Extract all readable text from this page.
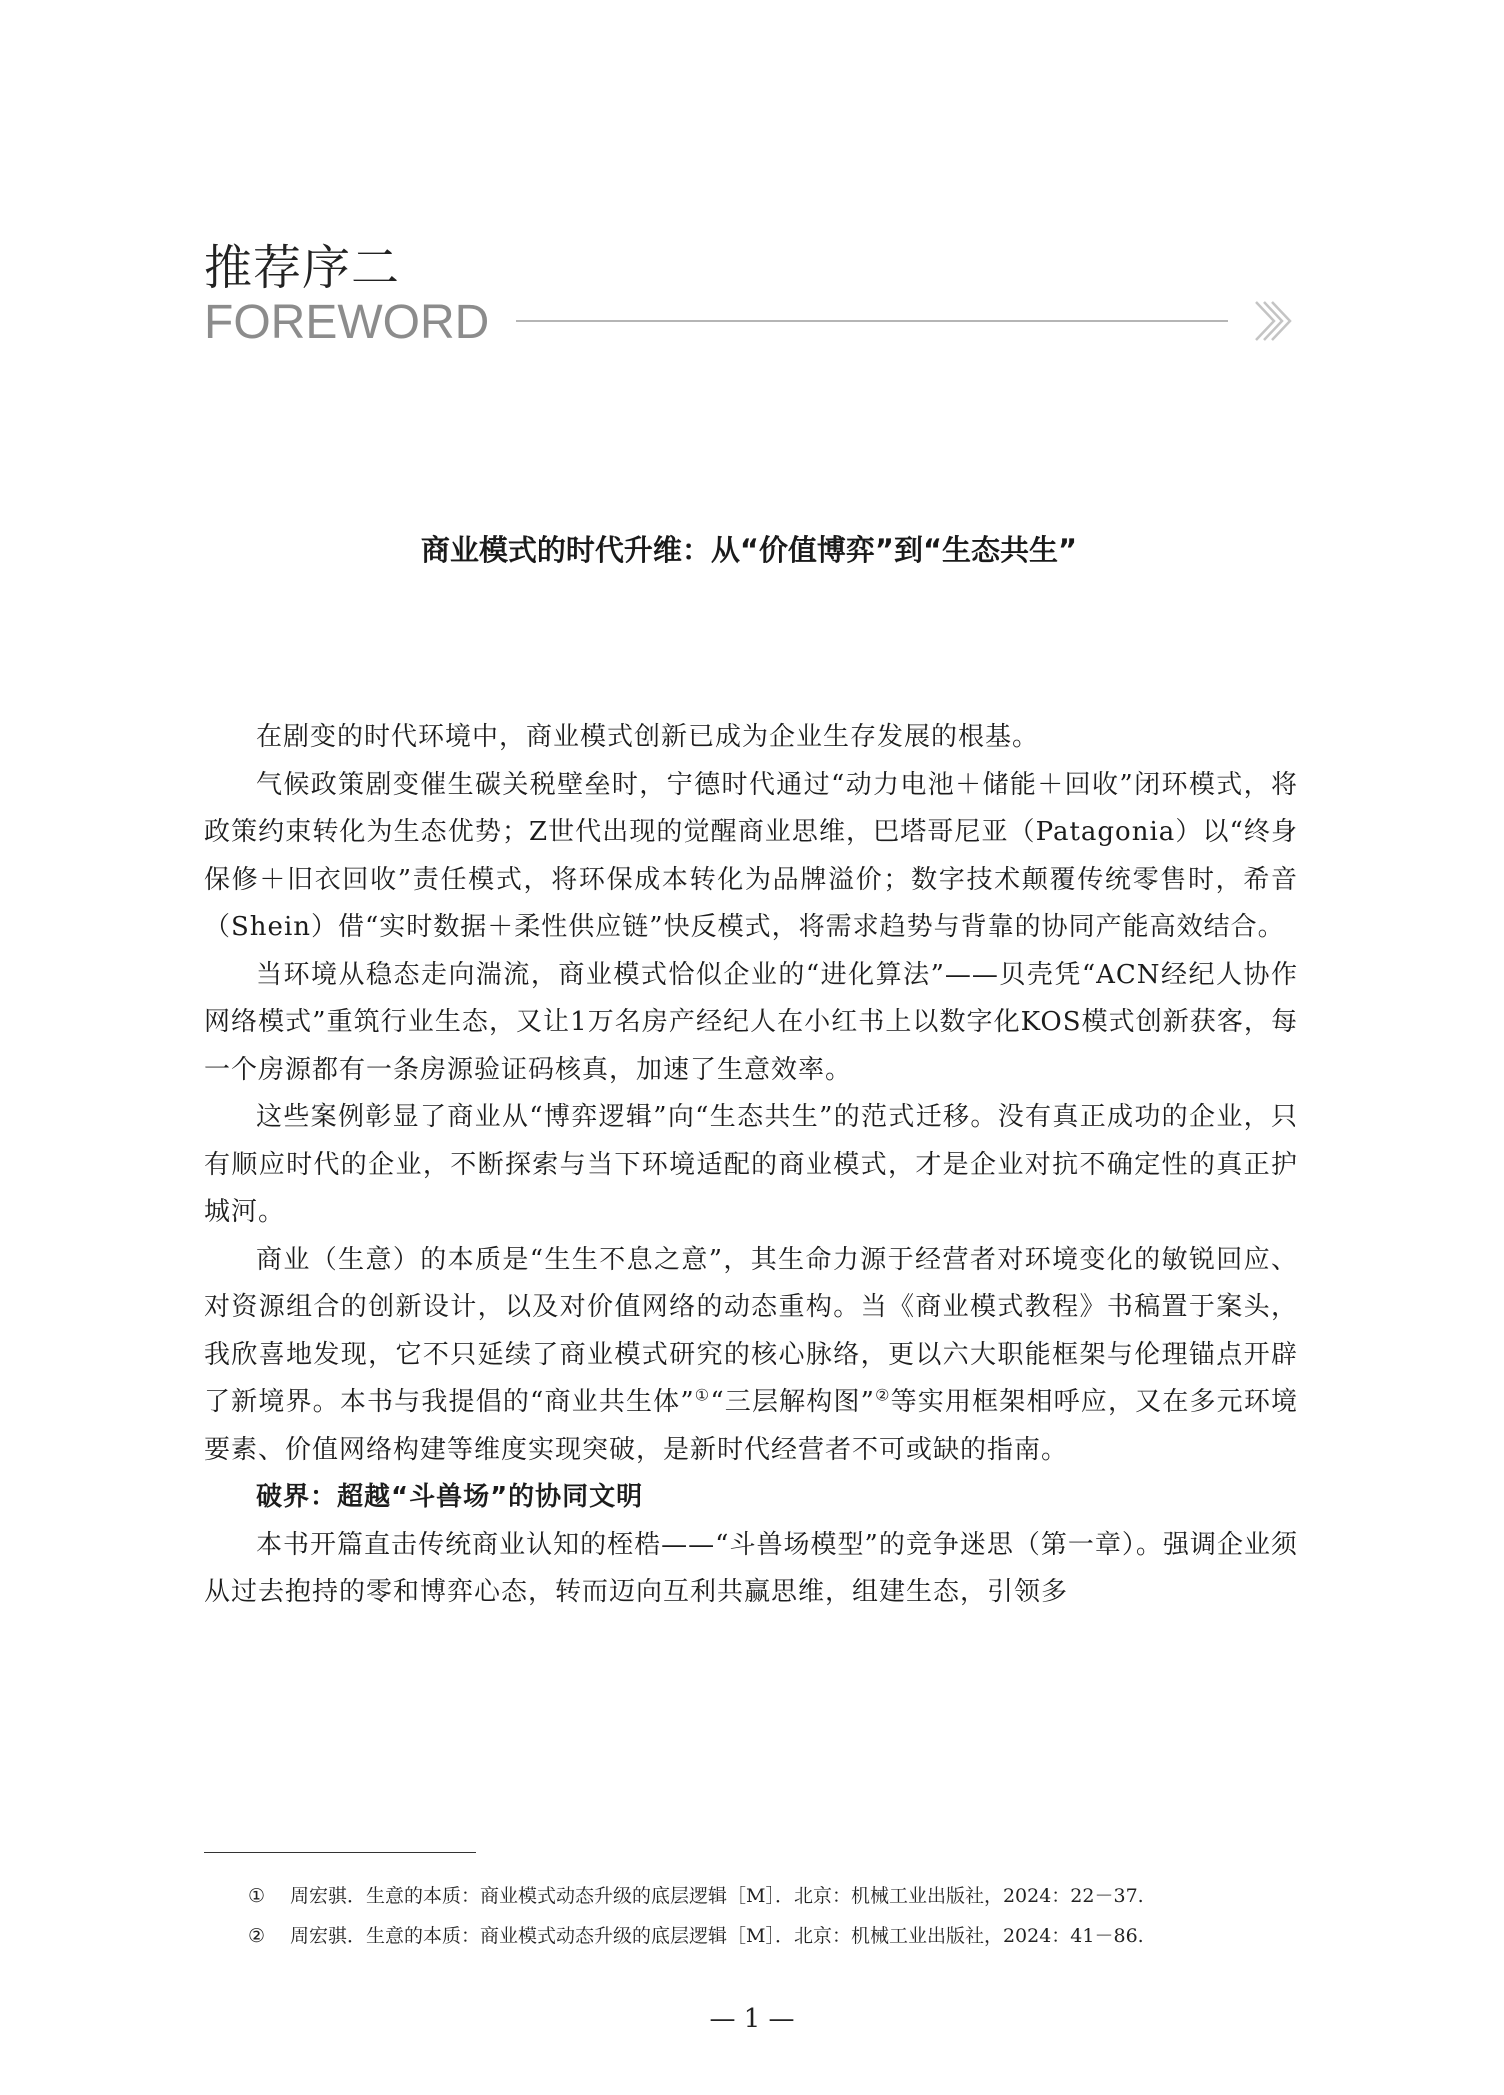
推荐序二
FOREWORD
商业模式的时代升维：从“价值博弈”到“生态共生”

在剧变的时代环境中，商业模式创新已成为企业生存发展的根基。

气候政策剧变催生碳关税壁垒时，宁德时代通过“动力电池＋储能＋回收”闭环模式，将政策约束转化为生态优势；Z世代出现的觉醒商业思维，巴塔哥尼亚（Patagonia）以“终身保修＋旧衣回收”责任模式，将环保成本转化为品牌溢价；数字技术颠覆传统零售时，希音（Shein）借“实时数据＋柔性供应链”快反模式，将需求趋势与背靠的协同产能高效结合。

当环境从稳态走向湍流，商业模式恰似企业的“进化算法”——贝壳凭“ACN经纪人协作网络模式”重筑行业生态，又让1万名房产经纪人在小红书上以数字化KOS模式创新获客，每一个房源都有一条房源验证码核真，加速了生意效率。

这些案例彰显了商业从“博弈逻辑”向“生态共生”的范式迁移。没有真正成功的企业，只有顺应时代的企业，不断探索与当下环境适配的商业模式，才是企业对抗不确定性的真正护城河。

商业（生意）的本质是“生生不息之意”，其生命力源于经营者对环境变化的敏锐回应、对资源组合的创新设计，以及对价值网络的动态重构。当《商业模式教程》书稿置于案头，我欣喜地发现，它不只延续了商业模式研究的核心脉络，更以六大职能框架与伦理锚点开辟了新境界。本书与我提倡的“商业共生体”①“三层解构图”②等实用框架相呼应，又在多元环境要素、价值网络构建等维度实现突破，是新时代经营者不可或缺的指南。

破界：超越“斗兽场”的协同文明

本书开篇直击传统商业认知的桎梏——“斗兽场模型”的竞争迷思（第一章）。强调企业须从过去抱持的零和博弈心态，转而迈向互利共赢思维，组建生态，引领多

①	周宏骐．生意的本质：商业模式动态升级的底层逻辑［M］．北京：机械工业出版社，2024：22－37.
②	周宏骐．生意的本质：商业模式动态升级的底层逻辑［M］．北京：机械工业出版社，2024：41－86.
— 1 —
